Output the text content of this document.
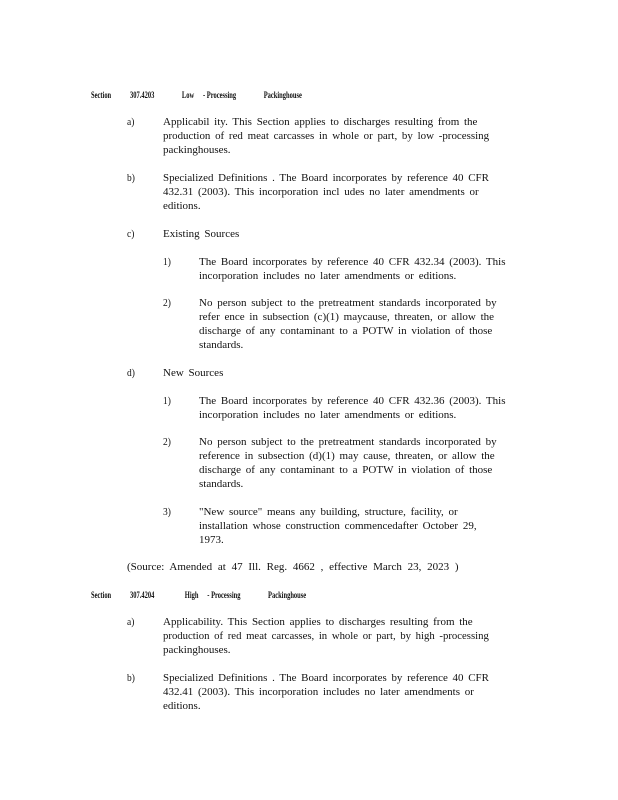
Section 307.4203	Low - Processing	Packinghouse
a)	Applicabil ity. This Section applies to discharges resulting from the
production of red meat carcasses in whole or part, by low -processing
packinghouses.
b)	Specialized Definitions . The Board incorporates by reference 40 CFR
432.31 (2003). This incorporation incl udes no later amendments or
editions.
c)	Existing Sources
1)	The Board incorporates by reference 40 CFR 432.34 (2003). This
incorporation includes no later amendments or editions.
2)	No person subject to the pretreatment standards incorporated by
refer ence in subsection (c)(1) maycause, threaten, or allow the
discharge of any contaminant to a POTW in violation of those
standards.
d)	New Sources
1)	The Board incorporates by reference 40 CFR 432.36 (2003). This
incorporation includes no later amendments or editions.
2)	No person subject to the pretreatment standards incorporated by
reference in subsection (d)(1) may cause, threaten, or allow the
discharge of any contaminant to a POTW in violation of those
standards.
3)	"New source" means any building, structure, facility, or
installation whose construction commencedafter October 29,
1973.
(Source: Amended at 47 Ill. Reg. 4662 , effective March 23, 2023 )
Section 307.4204	High - Processing	Packinghouse
a)	Applicability. This Section applies to discharges resulting from the
production of red meat carcasses, in whole or part, by high -processing
packinghouses.
b)	Specialized Definitions . The Board incorporates by reference 40 CFR
432.41 (2003). This incorporation includes no later amendments or
editions.
